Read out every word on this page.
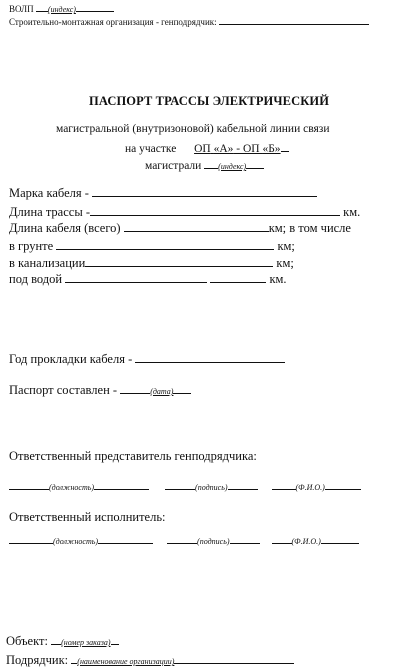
ВОЛП (индекс)
Строительно-монтажная организация - генподрядчик:
ПАСПОРТ ТРАССЫ ЭЛЕКТРИЧЕСКИЙ
магистральной (внутризоновой) кабельной линии связи
на участке ОП «А» - ОП «Б»
магистрали (индекс)
Марка кабеля -
Длина трассы -	км.
Длина кабеля (всего)	км; в том числе
в грунте	км;
в канализации	км;
под водой	км.
Год прокладки кабеля -
Паспорт составлен -	(дата)
Ответственный представитель генподрядчика:
(должность)	(подпись)	(Ф.И.О.)
Ответственный исполнитель:
(должность)	(подпись)	(Ф.И.О.)
Объект: (номер заказа)
Подрядчик: (наименование организации)
